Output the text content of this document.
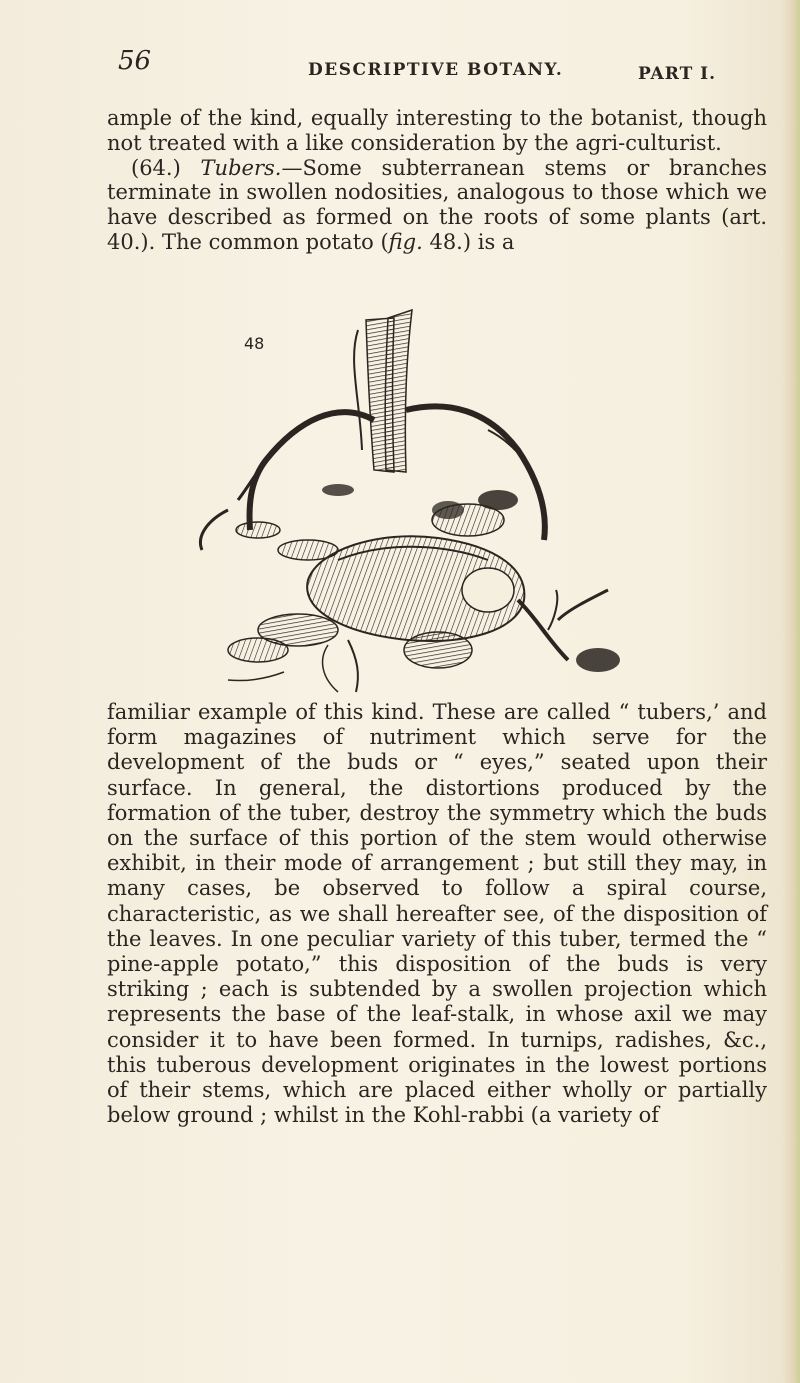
56	DESCRIPTIVE BOTANY.	PART I.

ample of the kind, equally interesting to the botanist, though not treated with a like consideration by the agri-culturist.

(64.) Tubers.—Some subterranean stems or branches terminate in swollen nodosities, analogous to those which we have described as formed on the roots of some plants (art. 40.). The common potato (fig. 48.) is a

48

familiar example of this kind. These are called “ tubers,’ and form magazines of nutriment which serve for the development of the buds or “ eyes,” seated upon their surface. In general, the distortions produced by the formation of the tuber, destroy the symmetry which the buds on the surface of this portion of the stem would otherwise exhibit, in their mode of arrangement ; but still they may, in many cases, be observed to follow a spiral course, characteristic, as we shall hereafter see, of the disposition of the leaves. In one peculiar variety of this tuber, termed the “ pine-apple potato,” this disposition of the buds is very striking ; each is subtended by a swollen projection which represents the base of the leaf-stalk, in whose axil we may consider it to have been formed. In turnips, radishes, &c., this tuberous development originates in the lowest portions of their stems, which are placed either wholly or partially below ground ; whilst in the Kohl-rabbi (a variety of
